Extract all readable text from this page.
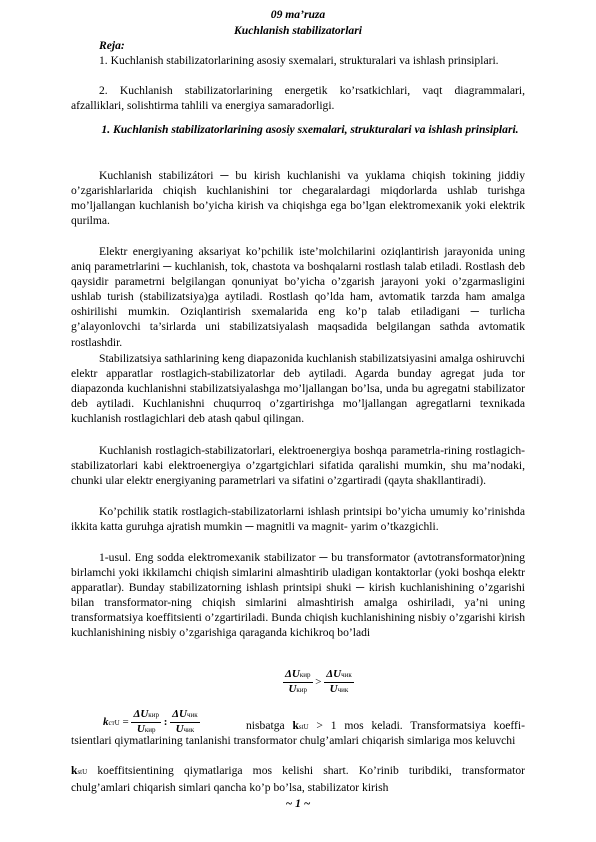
09 ma’ruza
Kuchlanish stabilizatorlari
Reja:

1. Kuchlanish stabilizatorlarining asosiy sxemalari, strukturalari va ishlash prinsiplari.

2. Kuchlanish stabilizatorlarining energetik ko’rsatkichlari, vaqt diagrammalari, afzalliklari, solishtirma tahlili va energiya samaradorligi.

1. Kuchlanish stabilizatorlarining asosiy sxemalari, strukturalari va ishlash prinsiplari.

Kuchlanish stabilizátori ─ bu kirish kuchlanishi va yuklama chiqish tokining jiddiy o’zgarishlarlarida chiqish kuchlanishini tor chegaralardagi miqdorlarda ushlab turishga mo’ljallangan kuchlanish bo’yicha kirish va chiqishga ega bo’lgan elektromexanik yoki elektrik qurilma.

Elektr energiyaning aksariyat ko’pchilik iste’molchilarini oziqlantirish jarayonida uning aniq parametrlarini ─ kuchlanish, tok, chastota va boshqalarni rostlash talab etiladi. Rostlash deb qaysidir parametrni belgilangan qonuniyat bo’yicha o’zgarish jarayoni yoki o’zgarmasligini ushlab turish (stabilizatsiya)ga aytiladi. Rostlash qo’lda ham, avtomatik tarzda ham amalga oshirilishi mumkin. Oziqlantirish sxemalarida eng ko’p talab etiladigani ─ turlicha g’alayonlovchi ta’sirlarda uni stabilizatsiyalash maqsadida belgilangan sathda avtomatik rostlashdir.

Stabilizatsiya sathlarining keng diapazonida kuchlanish stabilizatsiyasini amalga oshiruvchi elektr apparatlar rostlagich-stabilizatorlar deb aytiladi. Agarda bunday agregat juda tor diapazonda kuchlanishni stabilizatsiyalashga mo’ljallangan bo’lsa, unda bu agregatni stabilizator deb aytiladi. Kuchlanishni chuqurroq o’zgartirishga mo’ljallangan agregatlarni texnikada kuchlanish rostlagichlari deb atash qabul qilingan.

Kuchlanish rostlagich-stabilizatorlari, elektroenergiya boshqa parametrla-rining rostlagich-stabilizatorlari kabi elektroenergiya o’zgartgichlari sifatida qaralishi mumkin, shu ma’nodaki, chunki ular elektr energiyaning parametrlari va sifatini o’zgartiradi (qayta shakllantiradi).

Ko’pchilik statik rostlagich-stabilizatorlarni ishlash printsipi bo’yicha umumiy ko’rinishda ikkita katta guruhga ajratish mumkin ─ magnitli va magnit- yarim o’tkazgichli.

1-usul. Eng sodda elektromexanik stabilizator ─ bu transformator (avtotransformator)ning birlamchi yoki ikkilamchi chiqish simlarini almashtirib uladigan kontaktorlar (yoki boshqa elektr apparatlar). Bunday stabilizatorning ishlash printsipi shuki ─ kirish kuchlanishining o’zgarishi bilan transformator-ning chiqish simlarini almashtirish amalga oshiriladi, ya’ni uning transformatsiya koeffitsienti o’zgartiriladi. Bunda chiqish kuchlanishining nisbiy o’zgarishi kirish kuchlanishining nisbiy o’zgarishiga qaraganda kichikroq bo’ladi

$\frac{\text{ΔUкир}}{\text{Uкир}} > \frac{\text{ΔUчик}}{\text{Uчик}}$
kстU = $\frac{\text{ΔUкир}}{\text{Uкир}}$ : $\frac{\text{ΔUчик}}{\text{Uчик}}$	nisbatga kstU > 1 mos keladi. Transformatsiya koeffi-

tsientlari qiymatlarining tanlanishi transformator chulg’amlari chiqarish simlariga mos keluvchi

kstU koeffitsientining qiymatlariga mos kelishi shart. Ko’rinib turibdiki, transformator chulg’amlari chiqarish simlari qancha ko’p bo’lsa, stabilizator kirish
~ 1 ~
